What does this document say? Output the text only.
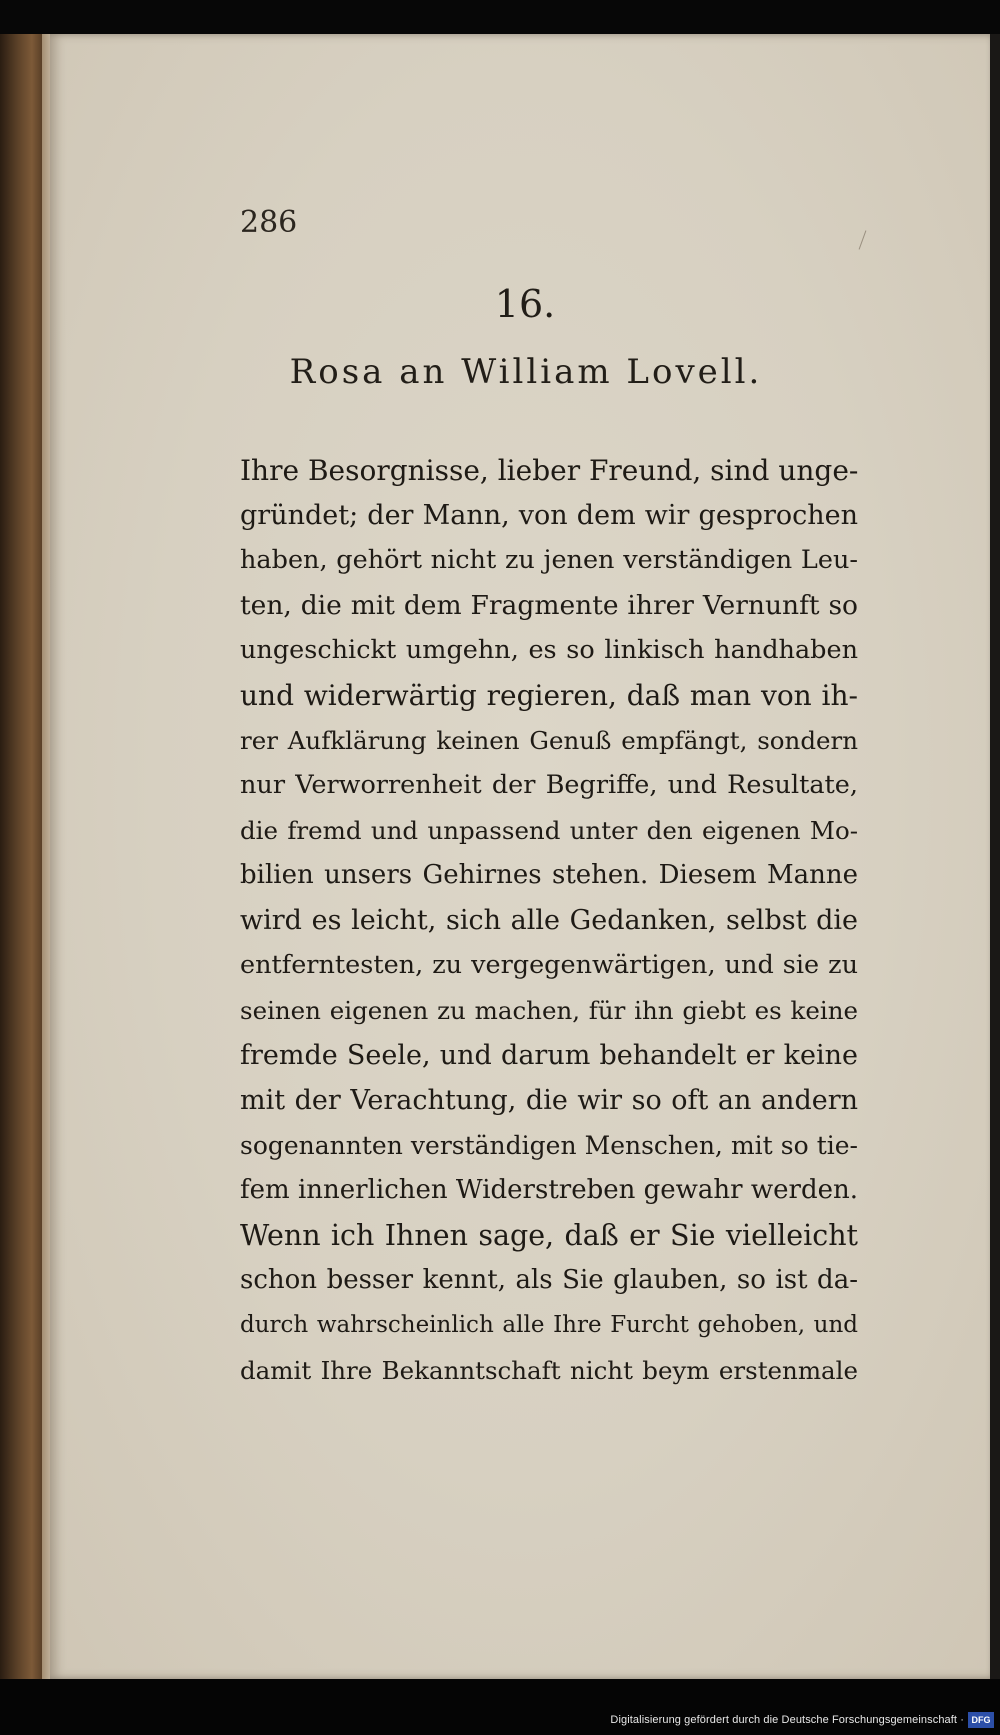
286
16.
Rosa an William Lovell.
Ihre Besorgnisse, lieber Freund, sind unge-
gründet; der Mann, von dem wir gesprochen
haben, gehört nicht zu jenen verständigen Leu-
ten, die mit dem Fragmente ihrer Vernunft so
ungeschickt umgehn, es so linkisch handhaben
und widerwärtig regieren, daß man von ih-
rer Aufklärung keinen Genuß empfängt, sondern
nur Verworrenheit der Begriffe, und Resultate,
die fremd und unpassend unter den eigenen Mo-
bilien unsers Gehirnes stehen. Diesem Manne
wird es leicht, sich alle Gedanken, selbst die
entferntesten, zu vergegenwärtigen, und sie zu
seinen eigenen zu machen, für ihn giebt es keine
fremde Seele, und darum behandelt er keine
mit der Verachtung, die wir so oft an andern
sogenannten verständigen Menschen, mit so tie-
fem innerlichen Widerstreben gewahr werden.
Wenn ich Ihnen sage, daß er Sie vielleicht
schon besser kennt, als Sie glauben, so ist da-
durch wahrscheinlich alle Ihre Furcht gehoben, und
damit Ihre Bekanntschaft nicht beym erstenmale
Digitalisierung gefördert durch die Deutsche Forschungsgemeinschaft · DFG
